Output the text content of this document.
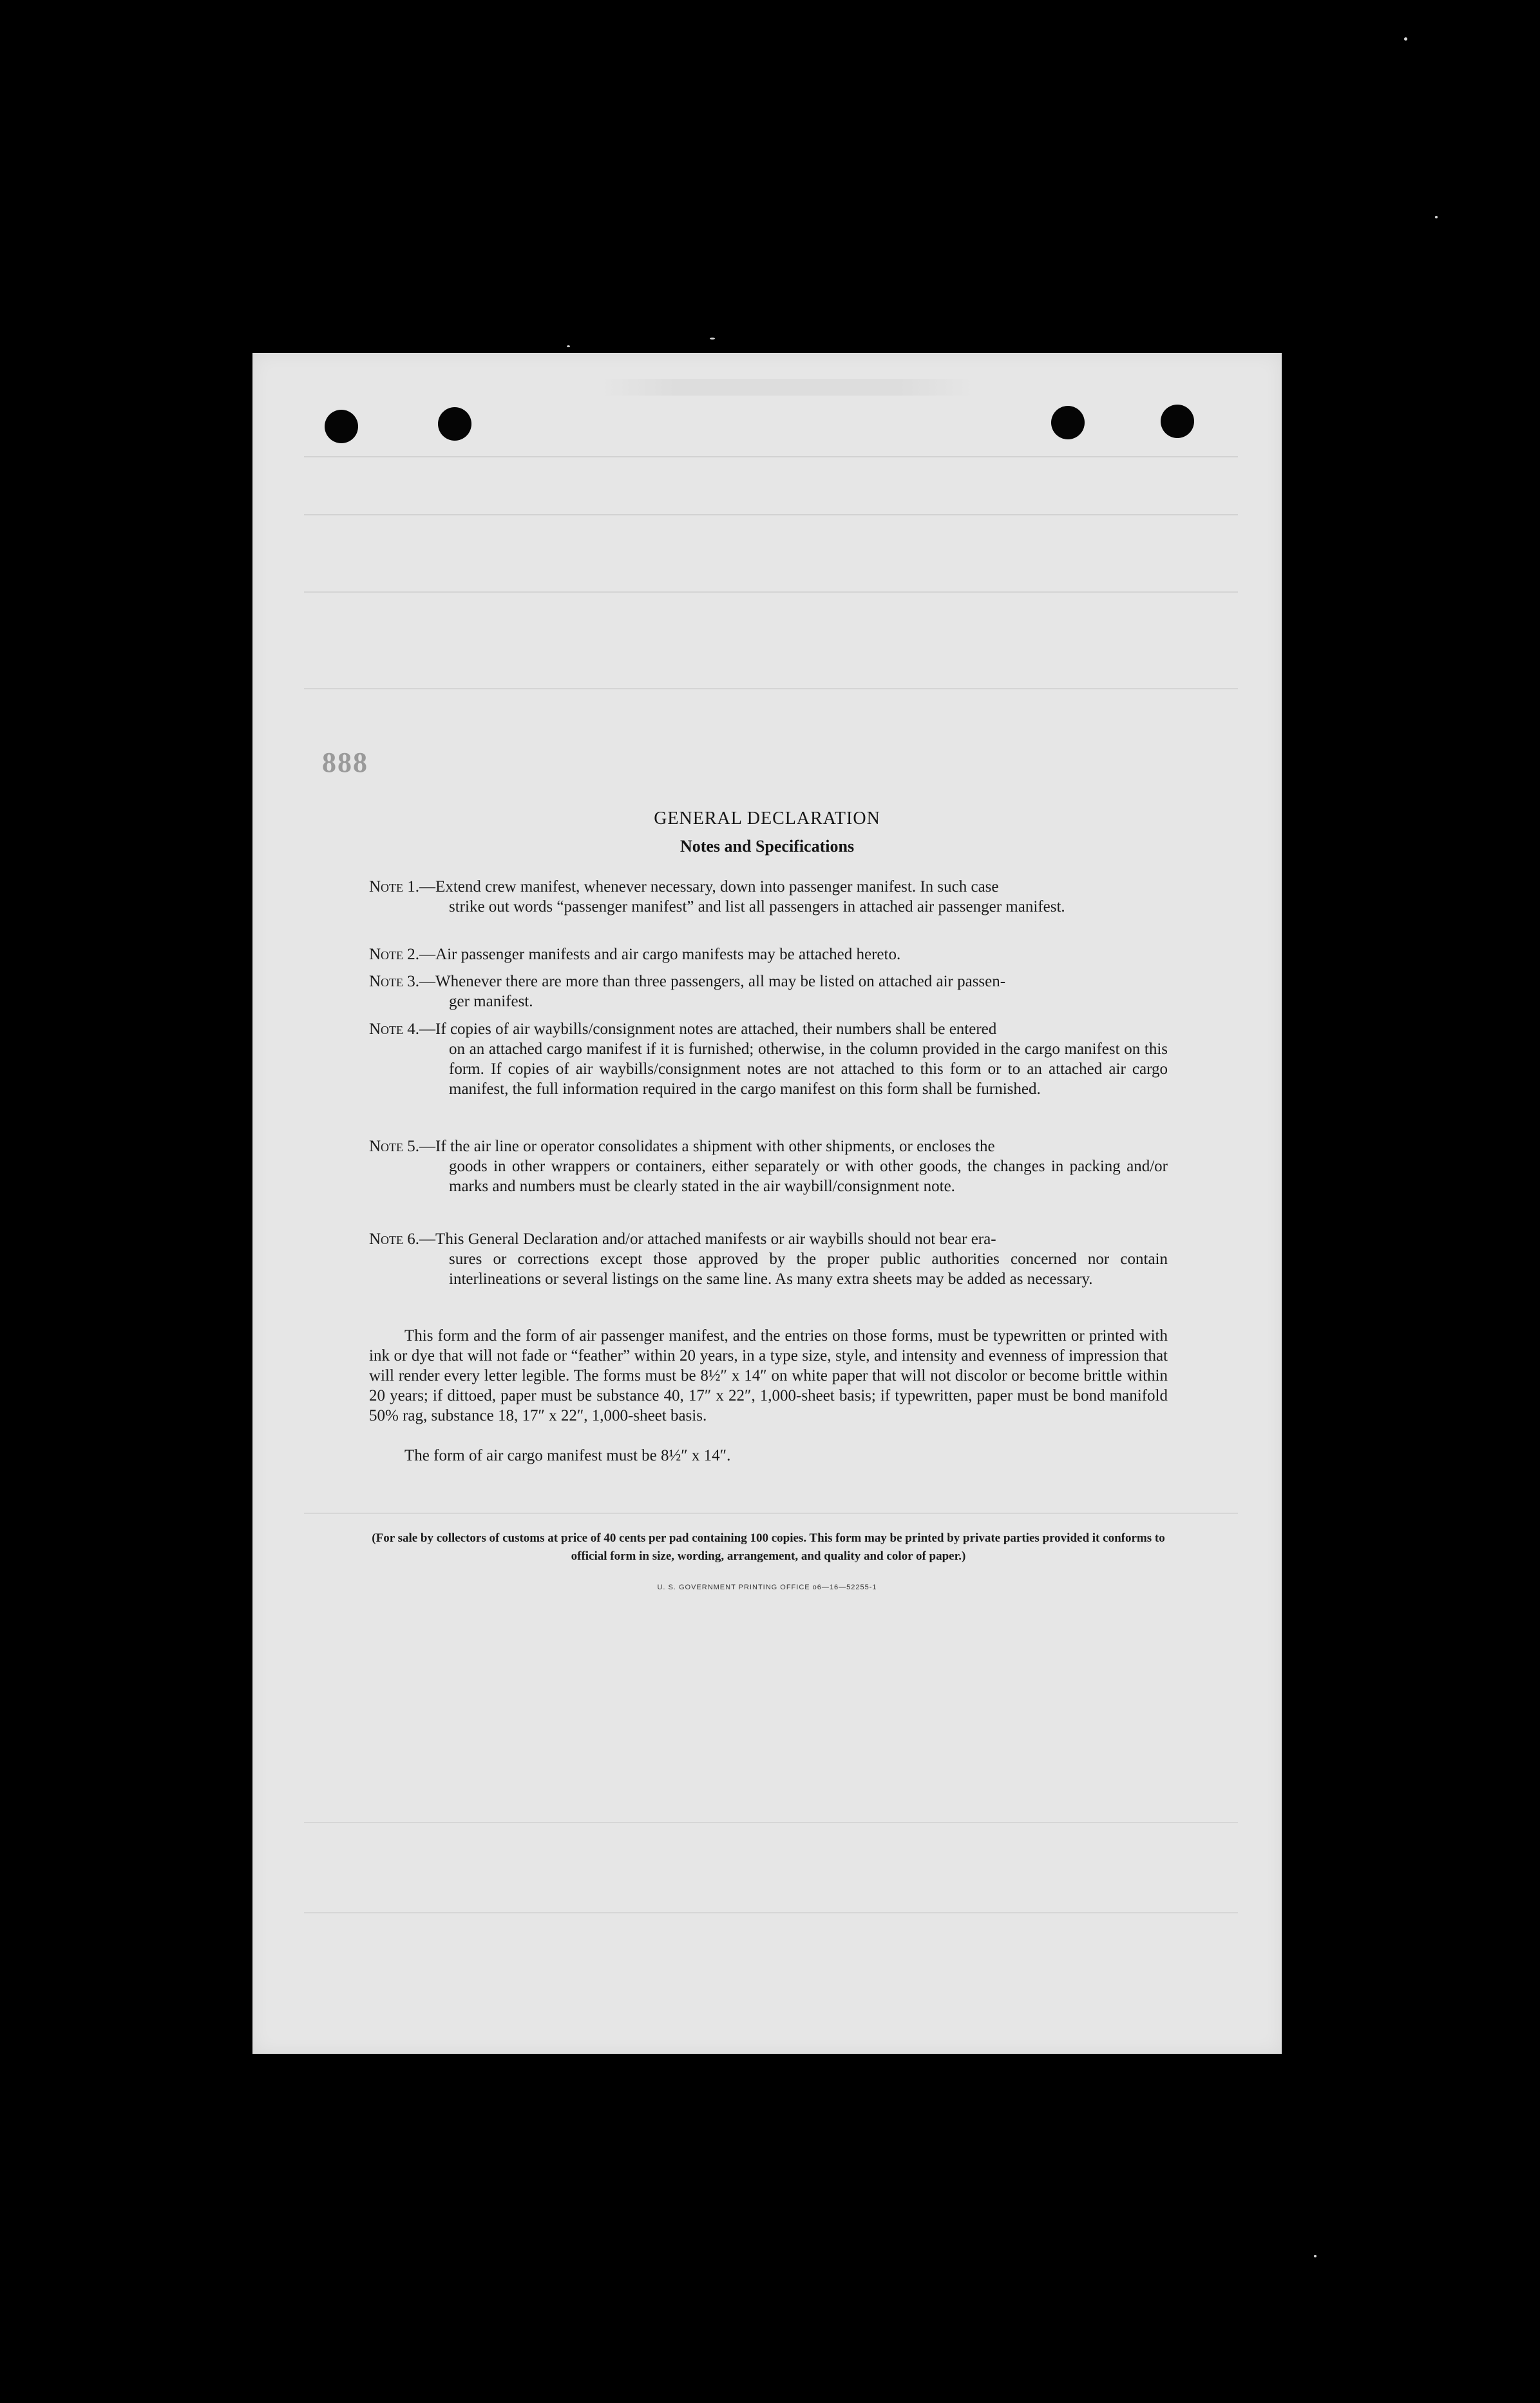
888
GENERAL DECLARATION
Notes and Specifications
Note 1.—Extend crew manifest, whenever necessary, down into passenger manifest. In such case
strike out words “passenger manifest” and list all passengers in attached air passenger manifest.
Note 2.—Air passenger manifests and air cargo manifests may be attached hereto.
Note 3.—Whenever there are more than three passengers, all may be listed on attached air passen-
ger manifest.
Note 4.—If copies of air waybills/consignment notes are attached, their numbers shall be entered
on an attached cargo manifest if it is furnished; otherwise, in the column provided in the cargo manifest on this form. If copies of air waybills/consignment notes are not attached to this form or to an attached air cargo manifest, the full information required in the cargo manifest on this form shall be furnished.
Note 5.—If the air line or operator consolidates a shipment with other shipments, or encloses the
goods in other wrappers or containers, either separately or with other goods, the changes in packing and/or marks and numbers must be clearly stated in the air waybill/consignment note.
Note 6.—This General Declaration and/or attached manifests or air waybills should not bear era-
sures or corrections except those approved by the proper public authorities concerned nor contain interlineations or several listings on the same line. As many extra sheets may be added as necessary.
This form and the form of air passenger manifest, and the entries on those forms, must be typewritten or printed with ink or dye that will not fade or “feather” within 20 years, in a type size, style, and intensity and evenness of impression that will render every letter legible. The forms must be 8½″ x 14″ on white paper that will not discolor or become brittle within 20 years; if dittoed, paper must be substance 40, 17″ x 22″, 1,000-sheet basis; if typewritten, paper must be bond manifold 50% rag, substance 18, 17″ x 22″, 1,000-sheet basis.
The form of air cargo manifest must be 8½″ x 14″.
(For sale by collectors of customs at price of 40 cents per pad containing 100 copies. This form may be printed by private parties provided it conforms to official form in size, wording, arrangement, and quality and color of paper.)
U. S. GOVERNMENT PRINTING OFFICE o6—16—52255-1
